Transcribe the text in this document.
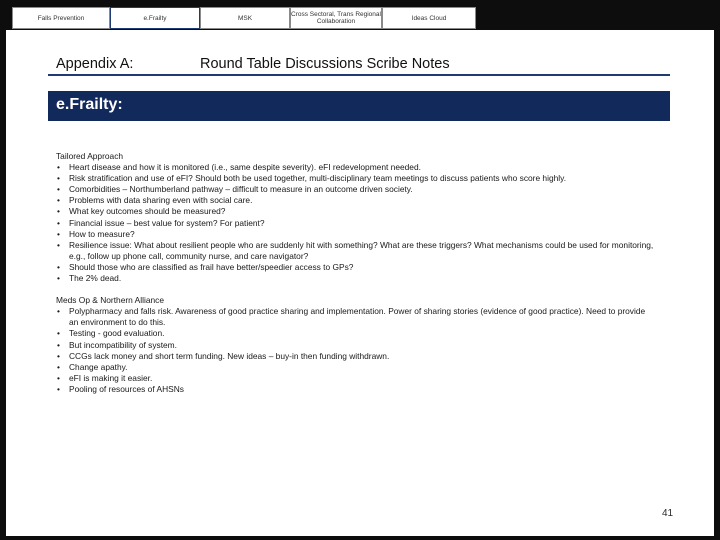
Falls Prevention	e.Frailty	MSK	Cross Sectoral, Trans Regional Collaboration	Ideas Cloud
Appendix A:	Round Table Discussions Scribe Notes
e.Frailty:
Tailored Approach
• Heart disease and how it is monitored (i.e., same despite severity). eFI redevelopment needed.
• Risk stratification and use of eFI? Should both be used together, multi-disciplinary team meetings to discuss patients who score highly.
• Comorbidities – Northumberland pathway – difficult to measure in an outcome driven society.
• Problems with data sharing even with social care.
• What key outcomes should be measured?
• Financial issue – best value for system? For patient?
• How to measure?
• Resilience issue: What about resilient people who are suddenly hit with something? What are these triggers? What mechanisms could be used for monitoring, e.g., follow up phone call, community nurse, and care navigator?
• Should those who are classified as frail have better/speedier access to GPs?
• The 2% dead.
Meds Op & Northern Alliance
• Polypharmacy and falls risk. Awareness of good practice sharing and implementation. Power of sharing stories (evidence of good practice). Need to provide an environment to do this.
• Testing - good evaluation.
• But incompatibility of system.
• CCGs lack money and short term funding. New ideas – buy-in then funding withdrawn.
• Change apathy.
• eFI is making it easier.
• Pooling of resources of AHSNs
41
